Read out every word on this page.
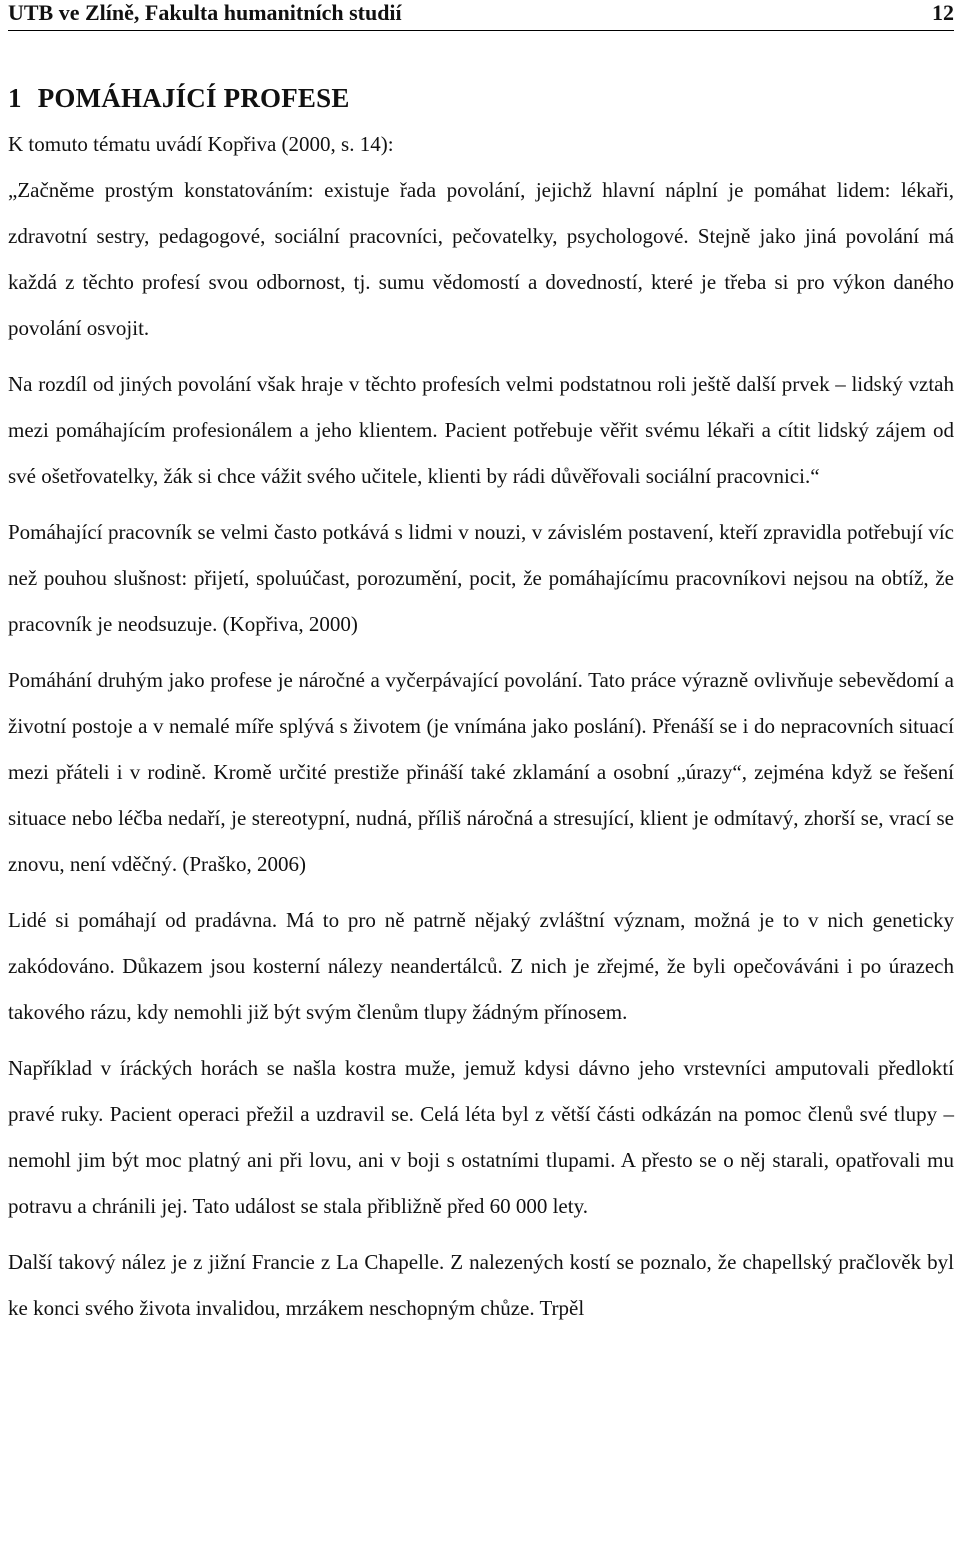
UTB ve Zlíně, Fakulta humanitních studií	12
1 POMÁHAJÍCÍ PROFESE

K tomuto tématu uvádí Kopřiva (2000, s. 14):

„Začněme prostým konstatováním: existuje řada povolání, jejichž hlavní náplní je pomáhat lidem: lékaři, zdravotní sestry, pedagogové, sociální pracovníci, pečovatelky, psychologové. Stejně jako jiná povolání má každá z těchto profesí svou odbornost, tj. sumu vědomostí a dovedností, které je třeba si pro výkon daného povolání osvojit.

Na rozdíl od jiných povolání však hraje v těchto profesích velmi podstatnou roli ještě další prvek – lidský vztah mezi pomáhajícím profesionálem a jeho klientem. Pacient potřebuje věřit svému lékaři a cítit lidský zájem od své ošetřovatelky, žák si chce vážit svého učitele, klienti by rádi důvěřovali sociální pracovnici.“

Pomáhající pracovník se velmi často potkává s lidmi v nouzi, v závislém postavení, kteří zpravidla potřebují víc než pouhou slušnost: přijetí, spoluúčast, porozumění, pocit, že pomáhajícímu pracovníkovi nejsou na obtíž, že pracovník je neodsuzuje. (Kopřiva, 2000)

Pomáhání druhým jako profese je náročné a vyčerpávající povolání. Tato práce výrazně ovlivňuje sebevědomí a životní postoje a v nemalé míře splývá s životem (je vnímána jako poslání). Přenáší se i do nepracovních situací mezi přáteli i v rodině. Kromě určité prestiže přináší také zklamání a osobní „úrazy“, zejména když se řešení situace nebo léčba nedaří, je stereotypní, nudná, příliš náročná a stresující, klient je odmítavý, zhorší se, vrací se znovu, není vděčný. (Praško, 2006)

Lidé si pomáhají od pradávna. Má to pro ně patrně nějaký zvláštní význam, možná je to v nich geneticky zakódováno. Důkazem jsou kosterní nálezy neandertálců. Z nich je zřejmé, že byli opečováváni i po úrazech takového rázu, kdy nemohli již být svým členům tlupy žádným přínosem.

Například v íráckých horách se našla kostra muže, jemuž kdysi dávno jeho vrstevníci amputovali předloktí pravé ruky. Pacient operaci přežil a uzdravil se. Celá léta byl z větší části odkázán na pomoc členů své tlupy – nemohl jim být moc platný ani při lovu, ani v boji s ostatními tlupami. A přesto se o něj starali, opatřovali mu potravu a chránili jej. Tato událost se stala přibližně před 60 000 lety.

Další takový nález je z jižní Francie z La Chapelle. Z nalezených kostí se poznalo, že chapellský pračlověk byl ke konci svého života invalidou, mrzákem neschopným chůze. Trpěl
